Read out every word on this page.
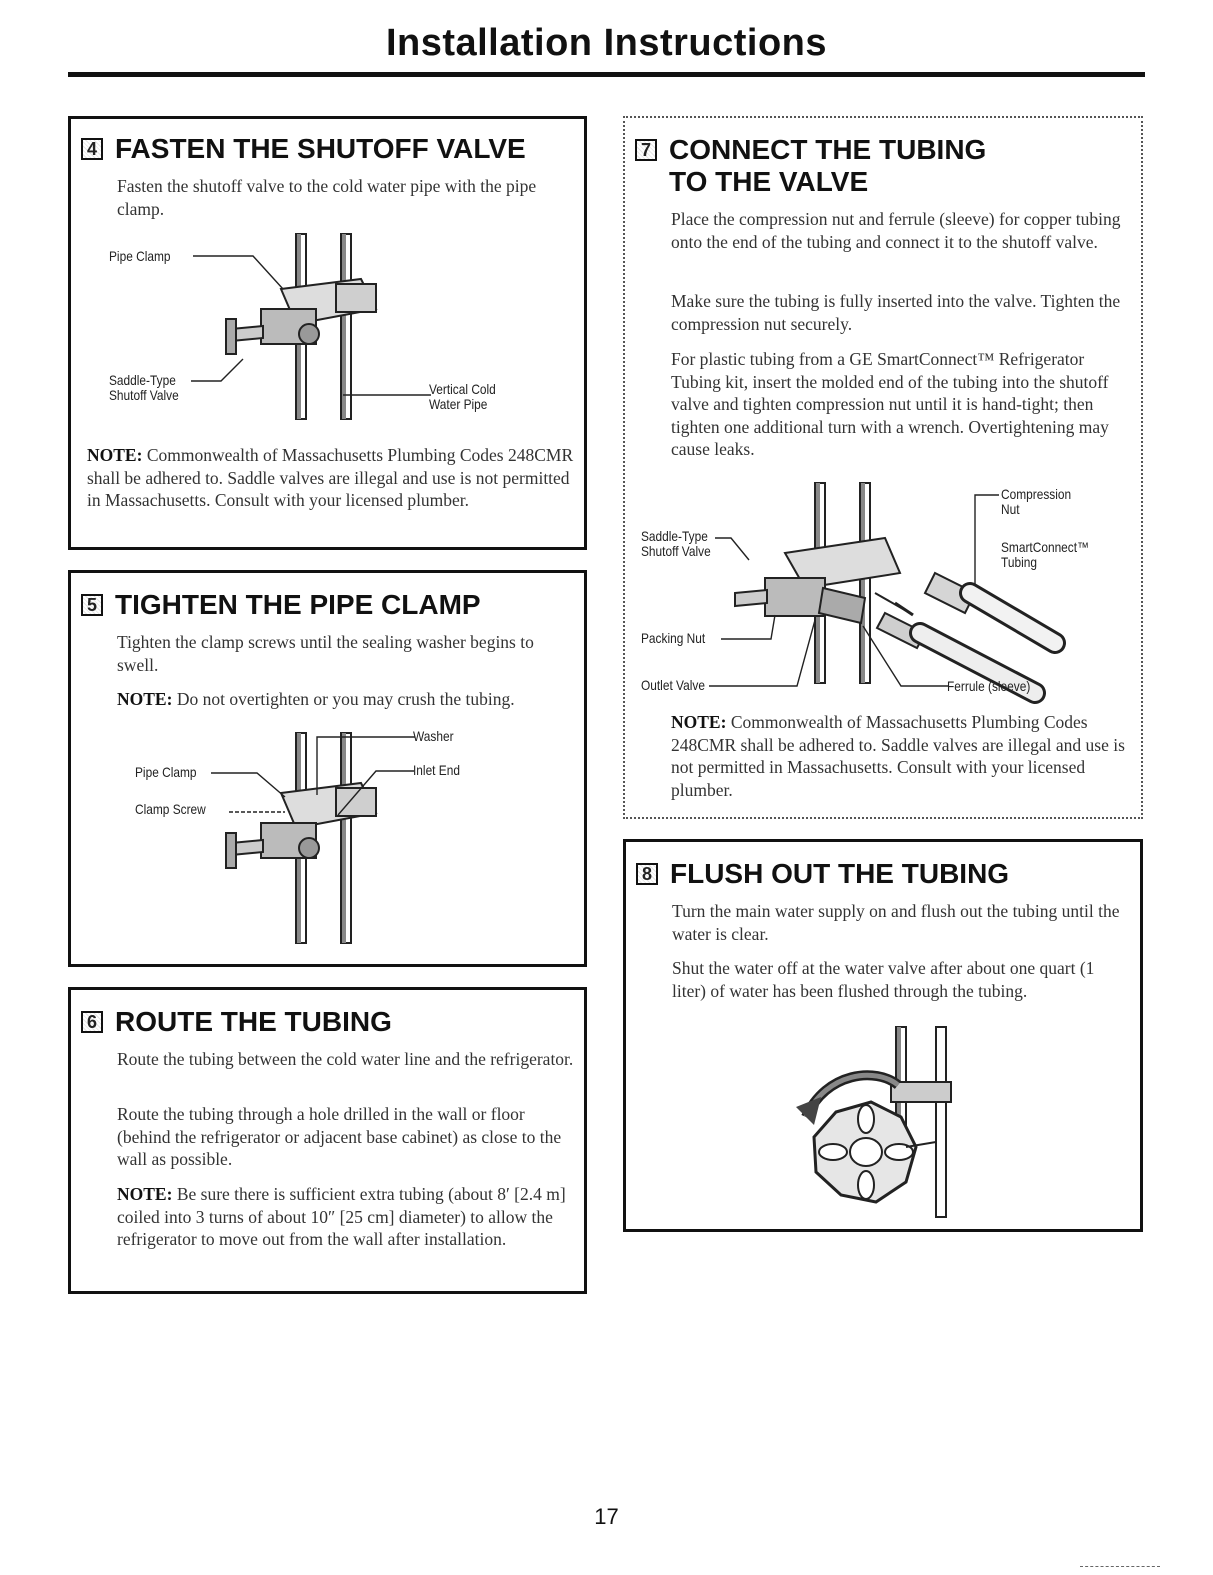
Installation Instructions
4 FASTEN THE SHUTOFF VALVE

Fasten the shutoff valve to the cold water pipe with the pipe clamp.

Pipe Clamp
Saddle-Type
Shutoff Valve	Vertical Cold
Water Pipe

NOTE: Commonwealth of Massachusetts Plumbing Codes 248CMR shall be adhered to. Saddle valves are illegal and use is not permitted in Massachusetts. Consult with your licensed plumber.

5 TIGHTEN THE PIPE CLAMP

Tighten the clamp screws until the sealing washer begins to swell.

NOTE: Do not overtighten or you may crush the tubing.

Washer
Pipe Clamp	Inlet End
Clamp Screw
6 ROUTE THE TUBING

Route the tubing between the cold water line and the refrigerator.

Route the tubing through a hole drilled in the wall or floor (behind the refrigerator or adjacent base cabinet) as close to the wall as possible.

NOTE: Be sure there is sufficient extra tubing (about 8′ [2.4 m] coiled into 3 turns of about 10″ [25 cm] diameter) to allow the refrigerator to move out from the wall after installation.

7 CONNECT THE TUBING
TO THE VALVE

Place the compression nut and ferrule (sleeve) for copper tubing onto the end of the tubing and connect it to the shutoff valve.

Make sure the tubing is fully inserted into the valve. Tighten the compression nut securely.

For plastic tubing from a GE SmartConnect™ Refrigerator Tubing kit, insert the molded end of the tubing into the shutoff valve and tighten compression nut until it is hand-tight; then tighten one additional turn with a wrench. Overtightening may cause leaks.

Compression
Nut
Saddle-Type
Shutoff Valve	SmartConnect™
Tubing
Packing Nut
Outlet Valve	Ferrule (sleeve)

NOTE: Commonwealth of Massachusetts Plumbing Codes 248CMR shall be adhered to. Saddle valves are illegal and use is not permitted in Massachusetts. Consult with your licensed plumber.

8 FLUSH OUT THE TUBING

Turn the main water supply on and flush out the tubing until the water is clear.

Shut the water off at the water valve after about one quart (1 liter) of water has been flushed through the tubing.

17
